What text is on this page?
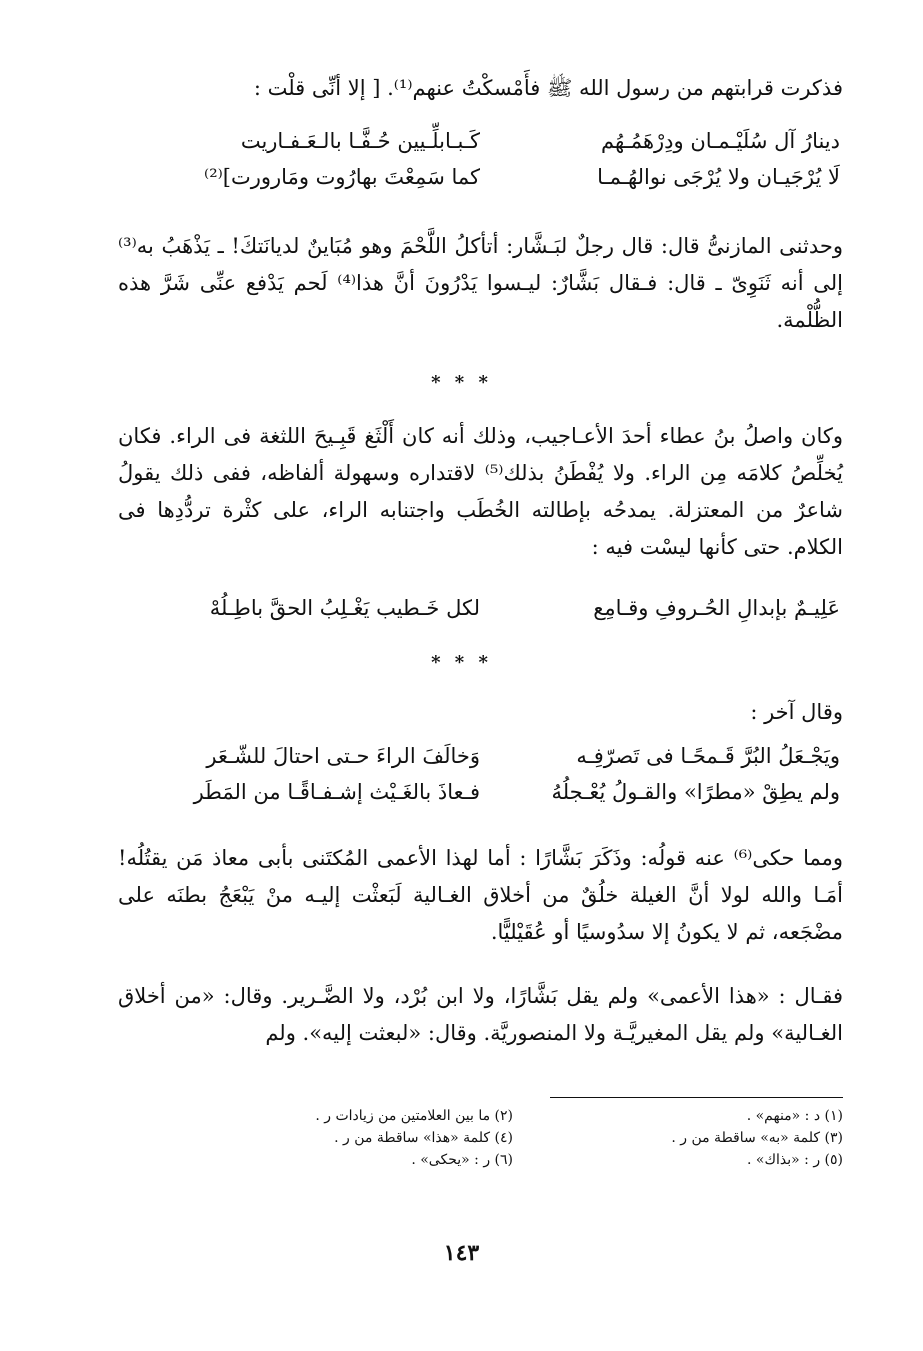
فذكرت قرابتهم من رسول الله ﷺ فأَمْسكْتُ عنهم⁽¹⁾. [ إلا أنِّى قلْت :

دينارُ آل سُلَيْـمـان ودِرْهَمُـهُم
كَـبـابلِّـيين حُـفَّـا بالـعَـفـاريت
لَا يُرْجَيـان ولا يُرْجَى نوالهُـمـا
كما سَمِعْتَ بهارُوت ومَارورت]⁽²⁾

وحدثنى المازنىُّ قال: قال رجلٌ لبَـشَّار: أتأكلُ اللَّحْمَ وهو مُبَاينٌ لديانَتكَ! ـ يَذْهَبُ به⁽³⁾ إلى أنه ثَنَوِىّ ـ قال: فـقال بَشَّارٌ: ليـسوا يَدْرُونَ أنَّ هذا⁽⁴⁾ لَحم يَدْفع عنِّى شَرَّ هذه الظُّلْمة.

* * *

وكان واصلُ بنُ عطاء أحدَ الأعـاجيب، وذلك أنه كان أَلْثَغ قَبِـيحَ اللثغة فى الراء. فكان يُخلِّصُ كلامَه مِن الراء. ولا يُفْطَنُ بذلك⁽⁵⁾ لاقتداره وسهولة ألفاظه، ففى ذلك يقولُ شاعرٌ من المعتزلة. يمدحُه بإطالته الخُطَب واجتنابه الراء، على كثْرة تردُّدِها فى الكلام. حتى كأنها ليسْت فيه :

عَلِيـمٌ بإبدالِ الحُـروفِ وقـامِع
لكل خَـطيب يَغْـلِبُ الحقَّ باطِـلُهْ
* * *

وقال آخر :

ويَجْـعَلُ البُرَّ قَـمحًـا فى تَصرّفِـه
وَخالَفَ الراءَ حـتى احتالَ للشّـعَر
ولم يطِقْ «مطرًا» والقـولُ يُعْـجلُهُ
فـعاذَ بالغَـيْث إشـفـاقًـا من المَطَر

ومما حكى⁽⁶⁾ عنه قولُه: وذَكَرَ بَشَّارًا : أما لهذا الأعمى المُكتَنى بأبى معاذ مَن يقتُلُه! أمَـا والله لولا أنَّ الغيلة خلُقٌ من أخلاق الغـالية لَبَعثْت إليـه منْ يَبْعَجُ بطنَه على مضْجَعه، ثم لا يكونُ إلا سدُوسيًا أو عُقَيْليًّا.

فقـال : «هذا الأعمى» ولم يقل بَشَّارًا، ولا ابن بُرْد، ولا الضَّـرير. وقال: «من أخلاق الغـالية» ولم يقل المغيريَّـة ولا المنصوريَّة. وقال: «لبعثت إليه». ولم

(١) د : «منهم» .
(٢) ما بين العلامتين من زيادات ر .
(٣) كلمة «به» ساقطة من ر .
(٤) كلمة «هذا» ساقطة من ر .
(٥) ر : «بذاك» .
(٦) ر : «يحكى» .
١٤٣
